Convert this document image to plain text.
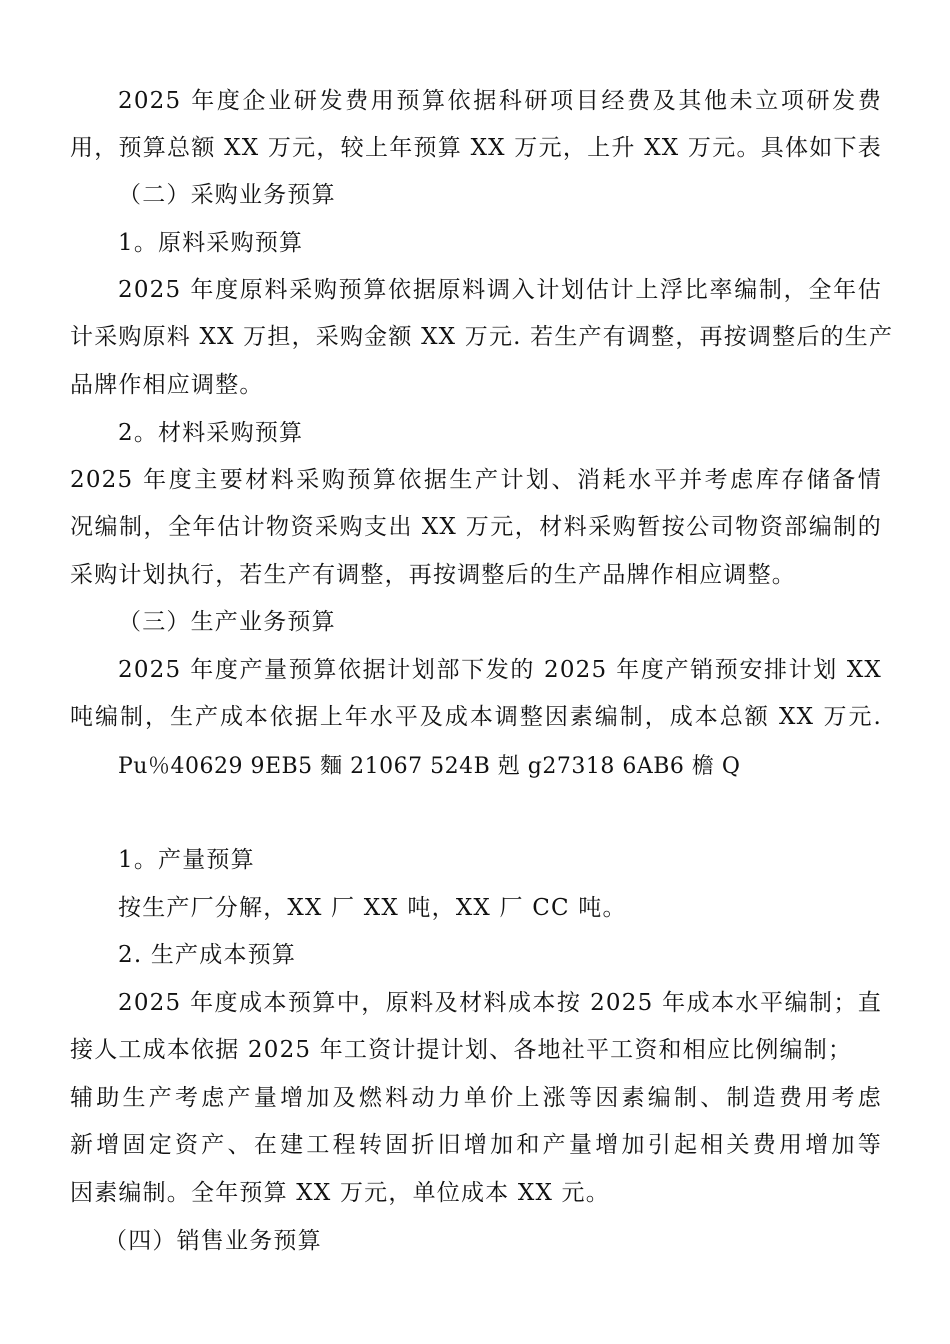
2025 年度企业研发费用预算依据科研项目经费及其他未立项研发费
用，预算总额 XX 万元，较上年预算 XX 万元，上升 XX 万元。具体如下表
（二）采购业务预算
1。原料采购预算
2025 年度原料采购预算依据原料调入计划估计上浮比率编制，全年估
计采购原料 XX 万担，采购金额 XX 万元. 若生产有调整，再按调整后的生产
品牌作相应调整。
2。材料采购预算
2025 年度主要材料采购预算依据生产计划、消耗水平并考虑库存储备情
况编制，全年估计物资采购支出 XX 万元，材料采购暂按公司物资部编制的
采购计划执行，若生产有调整，再按调整后的生产品牌作相应调整。
（三）生产业务预算
2025 年度产量预算依据计划部下发的 2025 年度产销预安排计划 XX
吨编制，生产成本依据上年水平及成本调整因素编制，成本总额 XX 万元.
Pu％40629 9EB5 麵 21067 524B 剋 g27318 6AB6 檐 Q
1。产量预算
按生产厂分解，XX 厂 XX 吨，XX 厂 CC 吨。
2. 生产成本预算
2025 年度成本预算中，原料及材料成本按 2025 年成本水平编制；直
接人工成本依据 2025 年工资计提计划、各地社平工资和相应比例编制；
辅助生产考虑产量增加及燃料动力单价上涨等因素编制、制造费用考虑
新增固定资产、在建工程转固折旧增加和产量增加引起相关费用增加等
因素编制。全年预算 XX 万元，单位成本 XX 元。
（四）销售业务预算
